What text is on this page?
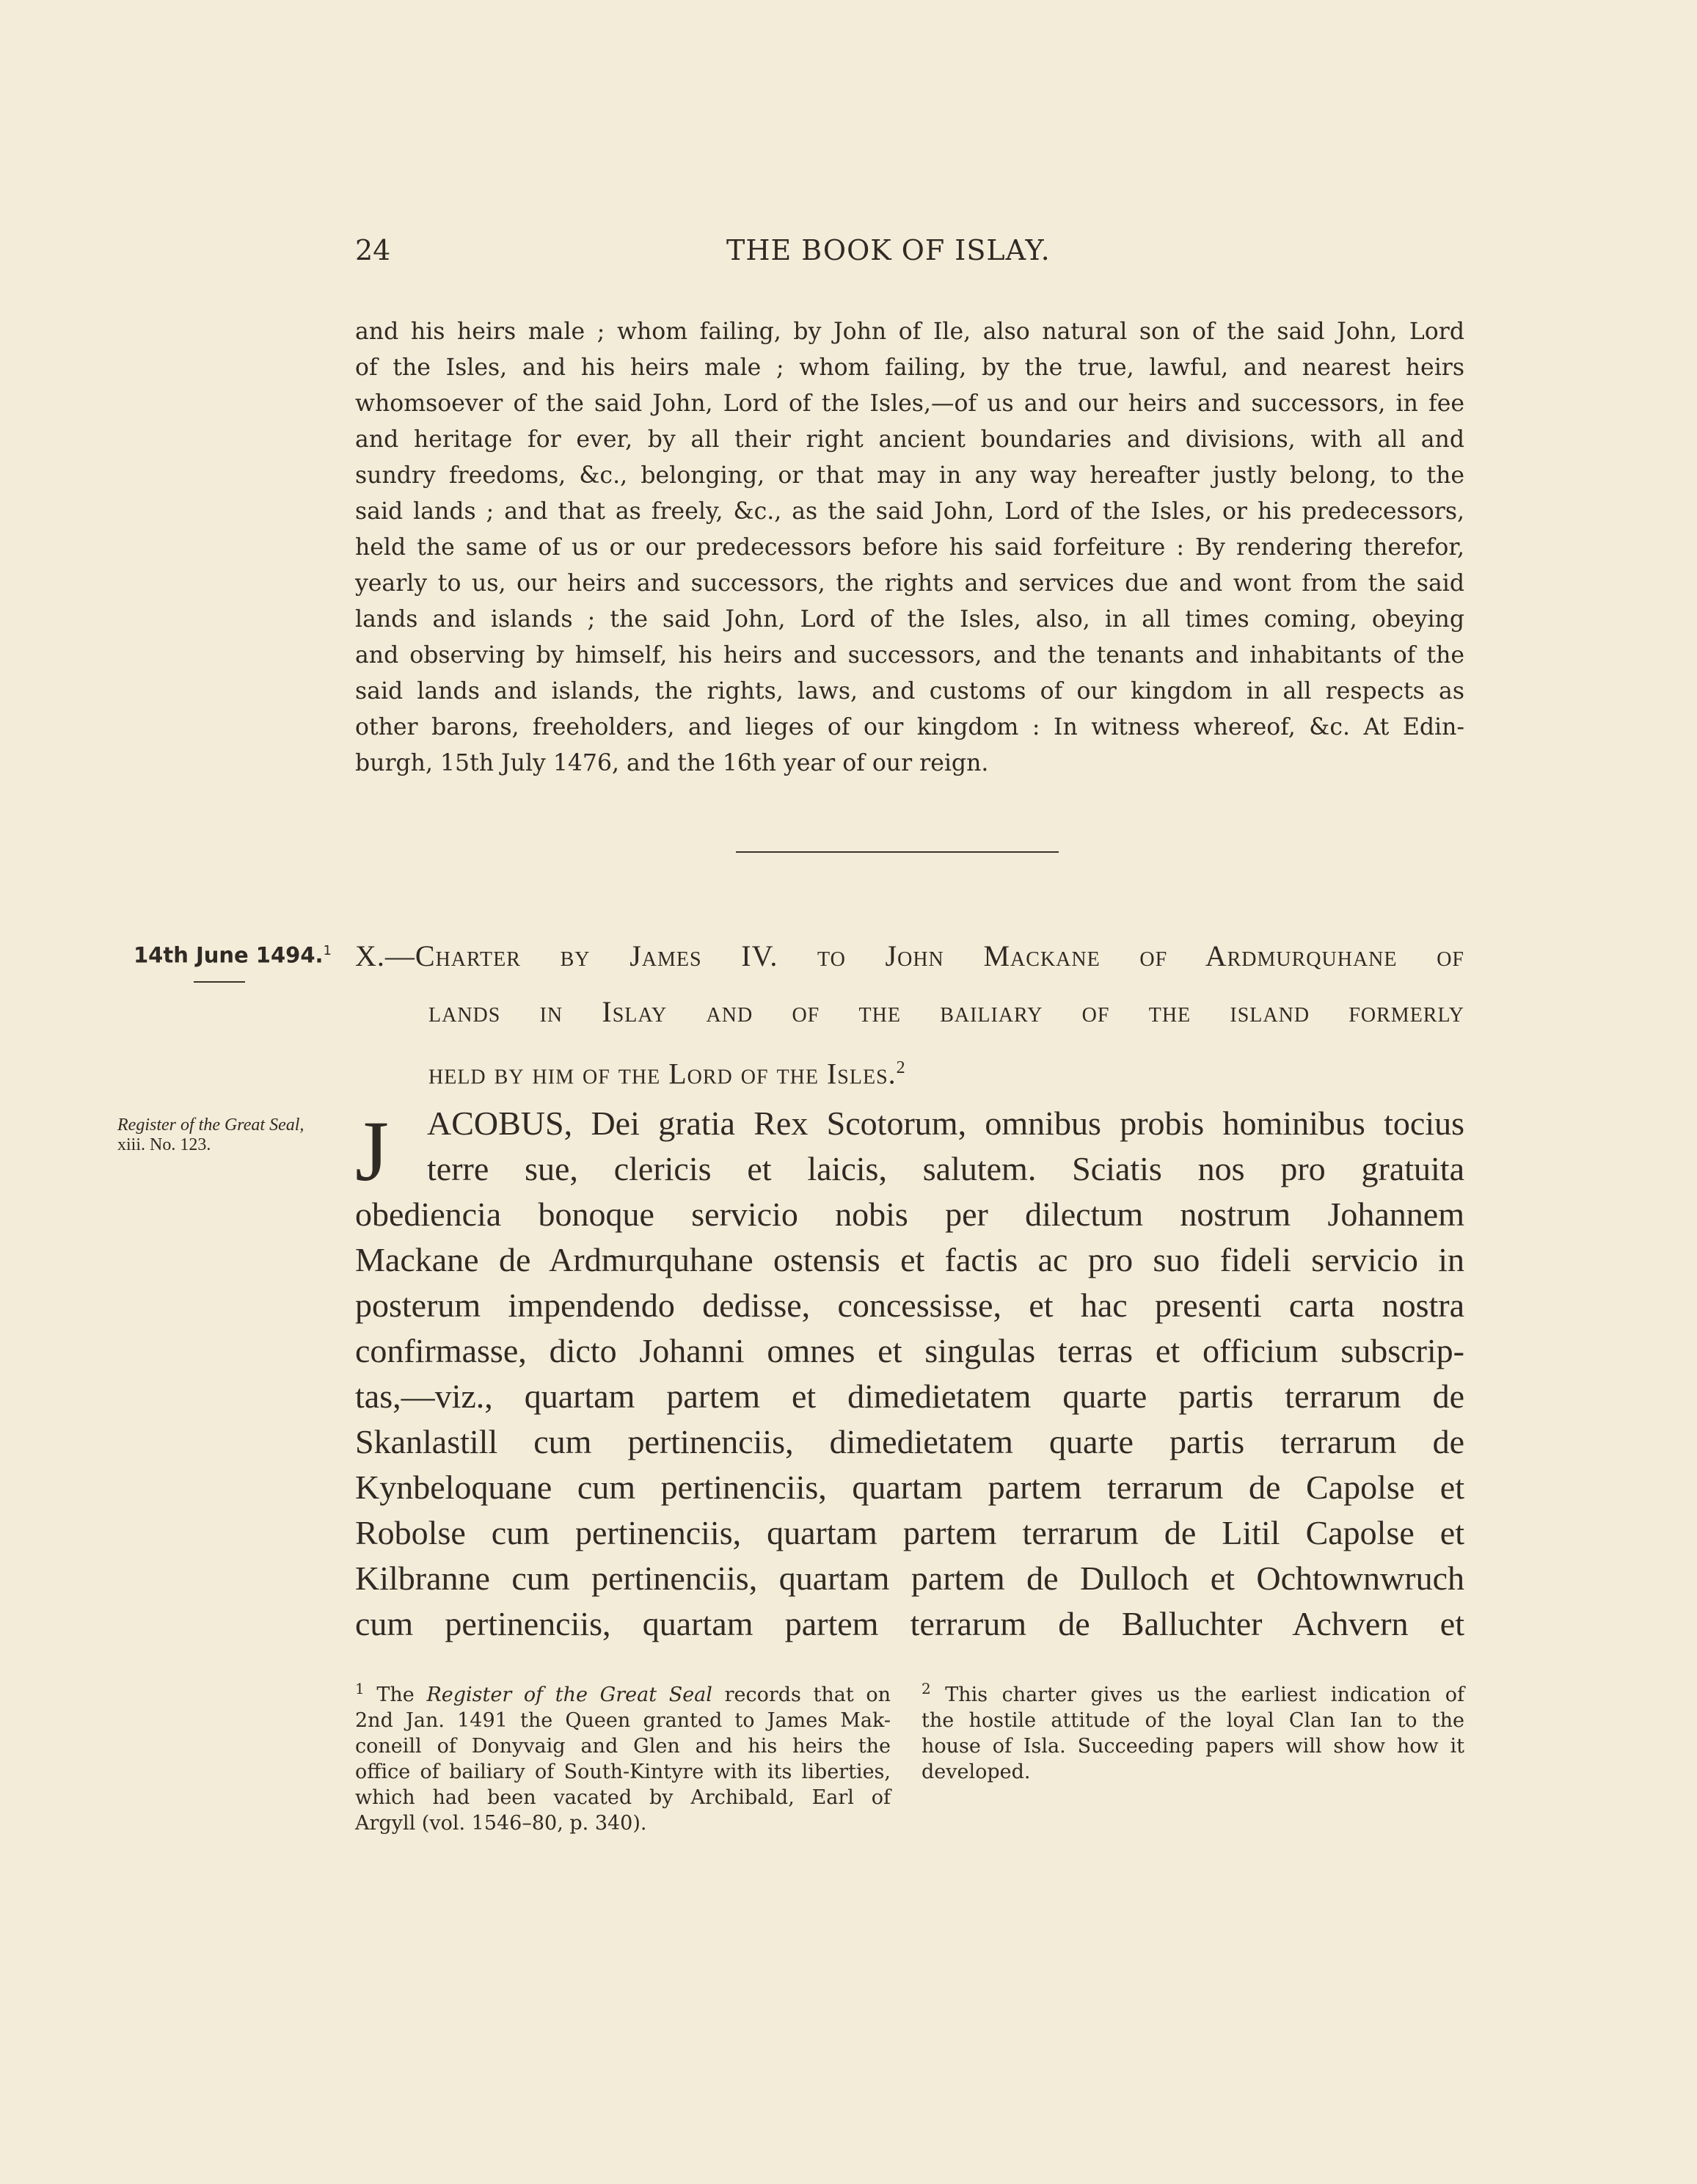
24	THE BOOK OF ISLAY.
and his heirs male ; whom failing, by John of Ile, also natural son of the said John, Lord
of the Isles, and his heirs male ; whom failing, by the true, lawful, and nearest heirs
whomsoever of the said John, Lord of the Isles,—of us and our heirs and successors, in fee
and heritage for ever, by all their right ancient boundaries and divisions, with all and
sundry freedoms, &c., belonging, or that may in any way hereafter justly belong, to the
said lands ; and that as freely, &c., as the said John, Lord of the Isles, or his predecessors,
held the same of us or our predecessors before his said forfeiture : By rendering therefor,
yearly to us, our heirs and successors, the rights and services due and wont from the said
lands and islands ; the said John, Lord of the Isles, also, in all times coming, obeying
and observing by himself, his heirs and successors, and the tenants and inhabitants of the
said lands and islands, the rights, laws, and customs of our kingdom in all respects as
other barons, freeholders, and lieges of our kingdom : In witness whereof, &c. At Edin-
burgh, 15th July 1476, and the 16th year of our reign.
14th June 1494.$^1$
Register of the Great Seal, xiii. No. 123.
X.—Charter by James IV. to John Mackane of Ardmurquhane of
lands in Islay and of the bailiary of the island formerly
held by him of the Lord of the Isles.$^2$
J	ACOBUS, Dei gratia Rex Scotorum, omnibus probis hominibus tocius
terre sue, clericis et laicis, salutem. Sciatis nos pro gratuita
obediencia bonoque servicio nobis per dilectum nostrum Johannem
Mackane de Ardmurquhane ostensis et factis ac pro suo fideli servicio in
posterum impendendo dedisse, concessisse, et hac presenti carta nostra
confirmasse, dicto Johanni omnes et singulas terras et officium subscrip-
tas,—viz., quartam partem et dimedietatem quarte partis terrarum de
Skanlastill cum pertinenciis, dimedietatem quarte partis terrarum de
Kynbeloquane cum pertinenciis, quartam partem terrarum de Capolse et
Robolse cum pertinenciis, quartam partem terrarum de Litil Capolse et
Kilbranne cum pertinenciis, quartam partem de Dulloch et Ochtownwruch
cum pertinenciis, quartam partem terrarum de Balluchter Achvern et
$^1$ The Register of the Great Seal records that on
2nd Jan. 1491 the Queen granted to James Mak-
coneill of Donyvaig and Glen and his heirs the
office of bailiary of South-Kintyre with its liberties,
which had been vacated by Archibald, Earl of
Argyll (vol. 1546–80, p. 340).
$^2$ This charter gives us the earliest indication of
the hostile attitude of the loyal Clan Ian to the
house of Isla. Succeeding papers will show how it
developed.
